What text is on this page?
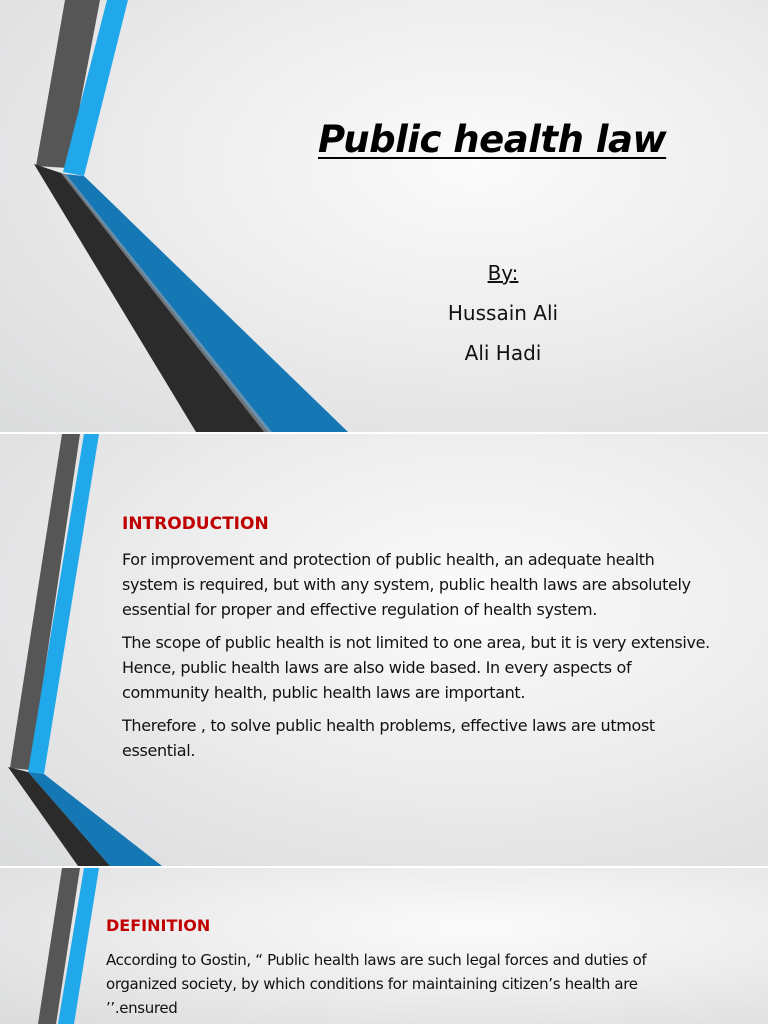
Public health law
By:
Hussain Ali
Ali Hadi
INTRODUCTION

For improvement and protection of public health, an adequate health system is required, but with any system, public health laws are absolutely essential for proper and effective regulation of health system.

The scope of public health is not limited to one area, but it is very extensive. Hence, public health laws are also wide based. In every aspects of community health, public health laws are important.

Therefore , to solve public health problems, effective laws are utmost essential.

DEFINITION

According to Gostin, “ Public health laws are such legal forces and duties of organized society, by which conditions for maintaining citizen’s health are ’’.ensured
